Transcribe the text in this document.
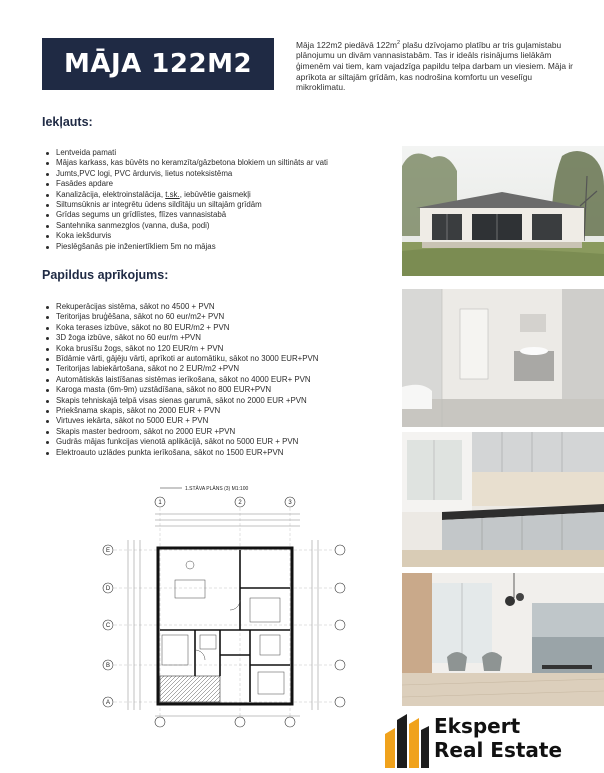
MĀJA 122M2

Māja 122m2 piedāvā $122m^2$ plašu dzīvojamo platību ar tris guļamistabu plānojumu un divām vannasistabām. Tas ir ideāls risinājums lielākām ģimenēm vai tiem, kam vajadzīga papildu telpa darbam un viesiem. Māja ir aprīkota ar siltajām grīdām, kas nodrošina komfortu un veselīgu mikroklimatu.

Iekļauts:
Lentveida pamati
Mājas karkass, kas būvēts no keramzīta/gāzbetona blokiem un siltināts ar vati
Jumts,PVC logi, PVC ārdurvis, lietus noteksistēma
Fasādes apdare
Kanalizācija, elektroinstalācija, t.sk., iebūvētie gaismekļi
Siltumsūknis ar integrētu ūdens sildītāju un siltajām grīdām
Grīdas segums un grīdlīstes, flīzes vannasistabā
Santehnika sanmezglos (vanna, duša, podi)
Koka iekšdurvis
Pieslēgšanās pie inženiertīkliem 5m no mājas
Papildus aprīkojums:
Rekuperācijas sistēma, sākot no 4500 + PVN
Teritorijas bruģēšana, sākot no 60 eur/m2+ PVN
Koka terases izbūve, sākot no 80 EUR/m2 + PVN
3D žoga izbūve, sākot no 60 eur/m +PVN
Koka brusīšu žogs, sākot no 120 EUR/m + PVN
Bīdāmie vārti, gājēju vārti, aprīkoti ar automātiku, sākot no 3000 EUR+PVN
Teritorijas labiekārtošana, sākot no 2 EUR/m2 +PVN
Automātiskās laistīšanas sistēmas ierīkošana, sākot no 4000 EUR+ PVN
Karoga masta (6m-9m) uzstādīšana, sākot no 800 EUR+PVN
Skapis tehniskajā telpā visas sienas garumā, sākot no 2000 EUR +PVN
Priekšnama skapis, sākot no 2000 EUR + PVN
Virtuves iekārta, sākot no 5000 EUR + PVN
Skapis master bedroom, sākot no 2000 EUR +PVN
Gudrās mājas funkcijas vienotā aplikācijā, sākot no 5000 EUR + PVN
Elektroauto uzlādes punkta ierīkošana, sākot no 1500 EUR+PVN
1.STĀVA PLĀNS (3) M1:100
1	2	3
E
D
C
B
A
Ekspert
Real Estate
